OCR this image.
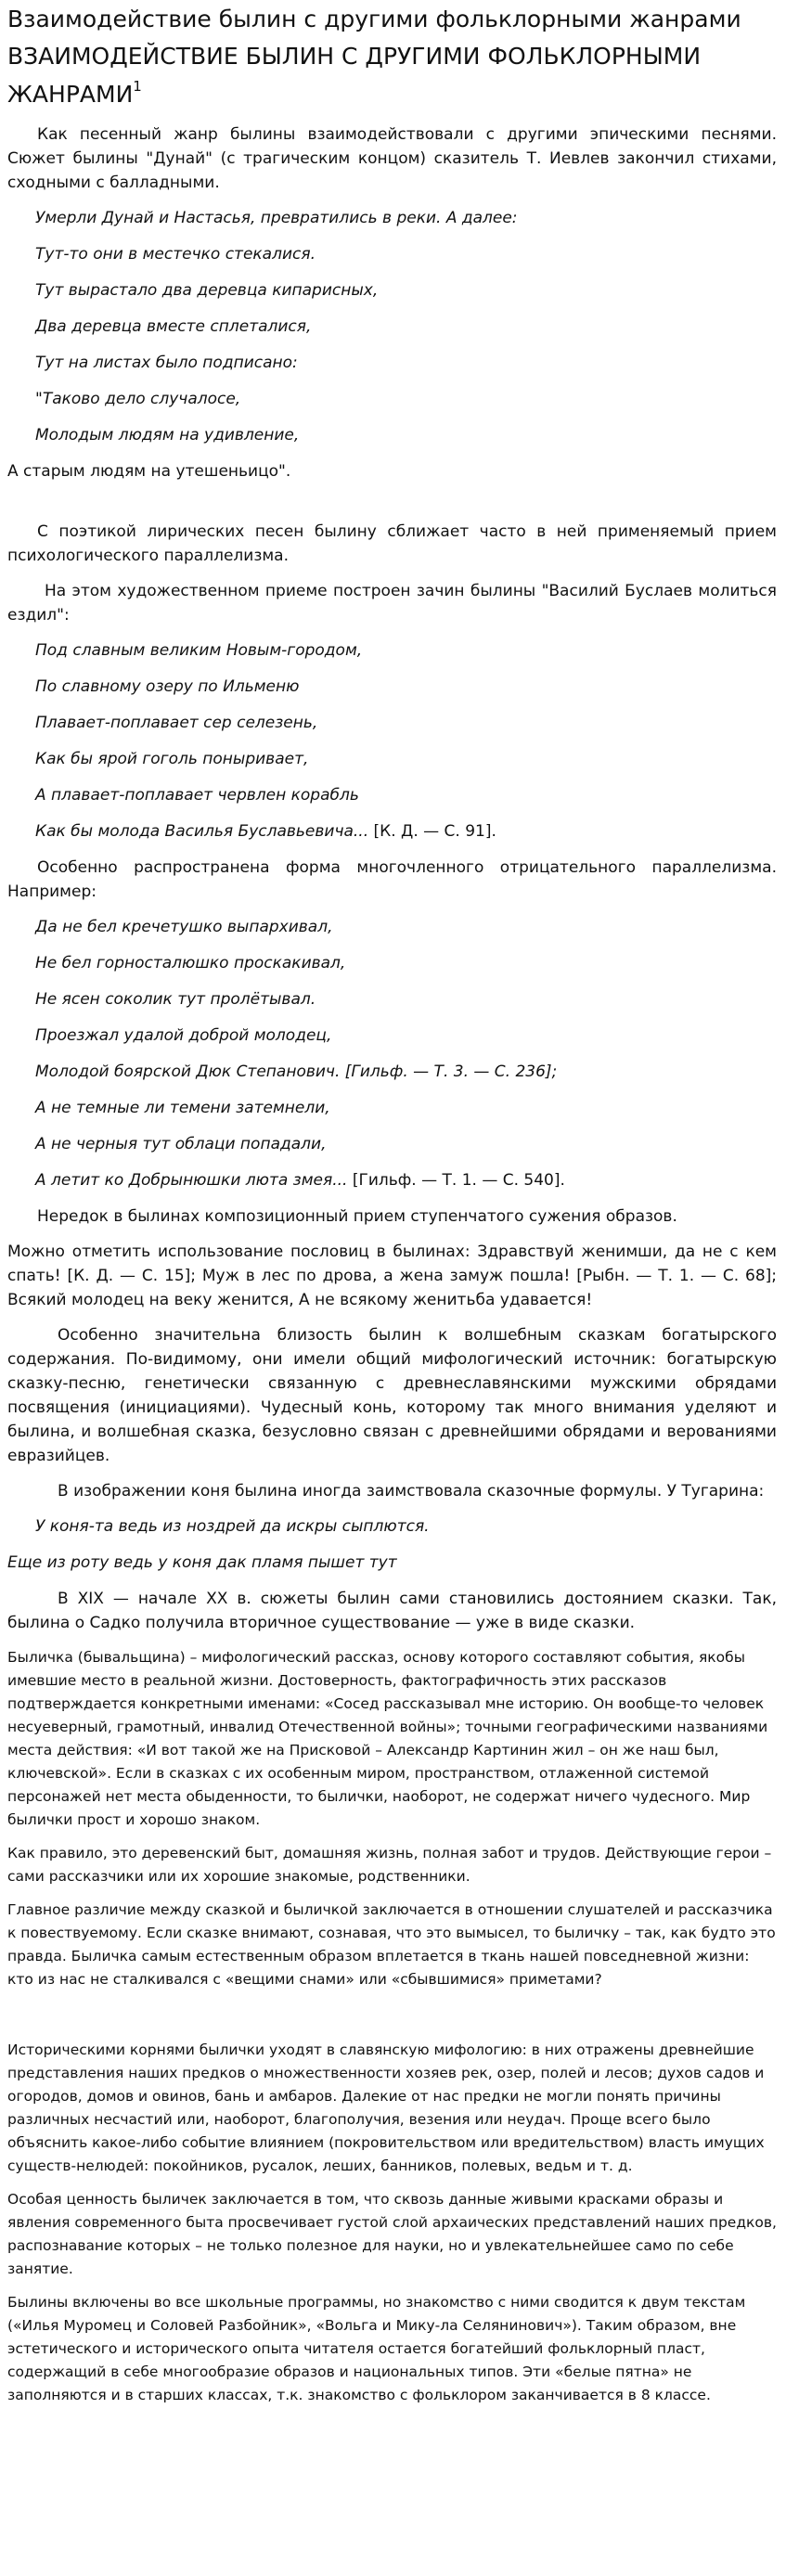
Взаимодействие былин с другими фольклорными жанрами
ВЗАИМОДЕЙСТВИЕ БЫЛИН С ДРУГИМИ ФОЛЬКЛОРНЫМИ ЖАНРАМИ$^1$

Как песенный жанр былины взаимодействовали с другими эпическими песнями. Сюжет былины "Дунай" (с трагическим концом) сказитель Т. Иевлев закончил стихами, сходными с балладными.

Умерли Дунай и Настасья, превратились в реки. А далее:

Тут-то они в местечко стекалися.

Тут вырастало два деревца кипарисных,

Два деревца вместе сплеталися,

Тут на листах было подписано:

"Таково дело случалосе,

Молодым людям на удивление,

А старым людям на утешеньицо".

С поэтикой лирических песен былину сближает часто в ней применяемый прием психологического параллелизма.

На этом художественном приеме построен зачин былины "Василий Буслаев молиться ездил":

Под славным великим Новым-городом,

По славному озеру по Ильменю

Плавает-поплавает сер селезень,

Как бы ярой гоголь поныривает,

А плавает-поплавает червлен корабль

Как бы молода Василья Буславьевича... [К. Д. — С. 91].

Особенно распространена форма многочленного отрицательного параллелизма. Например:

Да не бел кречетушко выпархивал,

Не бел горносталюшко проскакивал,

Не ясен соколик тут пролётывал.

Проезжал удалой доброй молодец,

Молодой боярской Дюк Степанович. [Гильф. — Т. 3. — С. 236];

А не темные ли темени затемнели,

А не черныя тут облаци попадали,

А летит ко Добрынюшки люта змея... [Гильф. — Т. 1. — С. 540].

Нередок в былинах композиционный прием ступенчатого сужения образов.

Можно отметить использование пословиц в былинах: Здравствуй женимши, да не с кем спать! [К. Д. — С. 15]; Муж в лес по дрова, а жена замуж пошла! [Рыбн. — Т. 1. — С. 68]; Всякий молодец на веку женится, А не всякому женитьба удавается!

Особенно значительна близость былин к волшебным сказкам богатырского содержания. По-видимому, они имели общий мифологический источник: богатырскую сказку-песню, генетически связанную с древнеславянскими мужскими обрядами посвящения (инициациями). Чудесный конь, которому так много внимания уделяют и былина, и волшебная сказка, безусловно связан с древнейшими обрядами и верованиями евразийцев.

В изображении коня былина иногда заимствовала сказочные формулы. У Тугарина:

У коня-та ведь из ноздрей да искры сыплются.

Еще из роту ведь у коня дак пламя пышет тут

В XIX — начале XX в. сюжеты былин сами становились достоянием сказки. Так, былина о Садко получила вторичное существование — уже в виде сказки.

Быличка (бывальщина) – мифологический рассказ, основу которого составляют события, якобы имевшие место в реальной жизни. Достоверность, фактографичность этих рассказов подтверждается конкретными именами: «Сосед рассказывал мне историю. Он вообще-то человек несуеверный, грамотный, инвалид Отечественной войны»; точными географическими названиями места действия: «И вот такой же на Присковой – Александр Картинин жил – он же наш был, ключевской». Если в сказках с их особенным миром, пространством, отлаженной системой персонажей нет места обыденности, то былички, наоборот, не содержат ничего чудесного. Мир былички прост и хорошо знаком.

Как правило, это деревенский быт, домашняя жизнь, полная забот и трудов. Действующие герои – сами рассказчики или их хорошие знакомые, родственники.

Главное различие между сказкой и быличкой заключается в отношении слушателей и рассказчика к повествуемому. Если сказке внимают, сознавая, что это вымысел, то быличку – так, как будто это правда. Быличка самым естественным образом вплетается в ткань нашей повседневной жизни: кто из нас не сталкивался с «вещими снами» или «сбывшимися» приметами?

Историческими корнями былички уходят в славянскую мифологию: в них отражены древнейшие представления наших предков о множественности хозяев рек, озер, полей и лесов; духов садов и огородов, домов и овинов, бань и амбаров. Далекие от нас предки не могли понять причины различных несчастий или, наоборот, благополучия, везения или неудач. Проще всего было объяснить какое-либо событие влиянием (покровительством или вредительством) власть имущих существ-нелюдей: покойников, русалок, леших, банников, полевых, ведьм и т. д.

Особая ценность быличек заключается в том, что сквозь данные живыми красками образы и явления современного быта просвечивает густой слой архаических представлений наших предков, распознавание которых – не только полезное для науки, но и увлекательнейшее само по себе занятие.

Былины включены во все школьные программы, но знакомство с ними сводится к двум текстам («Илья Муромец и Соловей Разбойник», «Вольга и Мику-ла Селянинович»). Таким образом, вне эстетического и исторического опыта читателя остается богатейший фольклорный пласт, содержащий в себе многообразие образов и национальных типов. Эти «белые пятна» не заполняются и в старших классах, т.к. знакомство с фольклором заканчивается в 8 классе.
